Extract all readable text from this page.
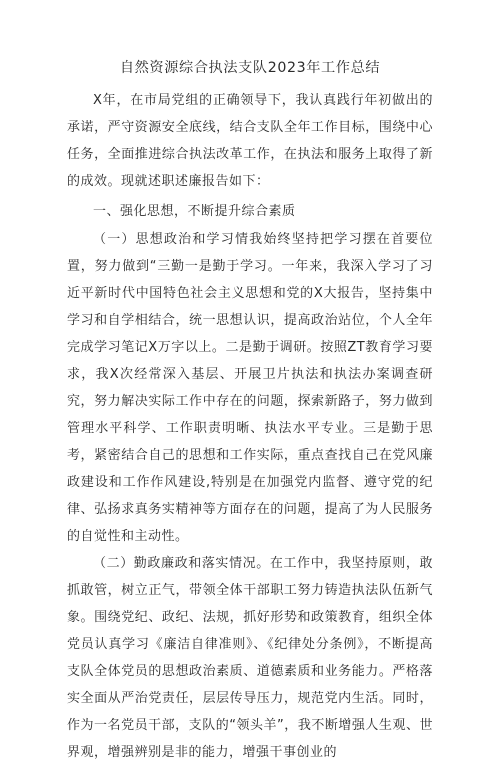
自然资源综合执法支队2023年工作总结

X年，在市局党组的正确领导下，我认真践行年初做出的承诺，严守资源安全底线，结合支队全年工作目标，围绕中心任务，全面推进综合执法改革工作，在执法和服务上取得了新的成效。现就述职述廉报告如下：

一、强化思想，不断提升综合素质

（一）思想政治和学习情我始终坚持把学习摆在首要位置，努力做到“三勤一是勤于学习。一年来，我深入学习了习近平新时代中国特色社会主义思想和党的X大报告，坚持集中学习和自学相结合，统一思想认识，提高政治站位，个人全年完成学习笔记X万字以上。二是勤于调研。按照ZT教育学习要求，我X次经常深入基层、开展卫片执法和执法办案调查研究，努力解决实际工作中存在的问题，探索新路子，努力做到管理水平科学、工作职责明晰、执法水平专业。三是勤于思考，紧密结合自己的思想和工作实际，重点查找自己在党风廉政建设和工作作风建设,特别是在加强党内监督、遵守党的纪律、弘扬求真务实精神等方面存在的问题，提高了为人民服务的自觉性和主动性。

（二）勤政廉政和落实情况。在工作中，我坚持原则，敢抓敢管，树立正气，带领全体干部职工努力铸造执法队伍新气象。围绕党纪、政纪、法规，抓好形势和政策教育，组织全体党员认真学习《廉洁自律准则》、《纪律处分条例》，不断提高支队全体党员的思想政治素质、道德素质和业务能力。严格落实全面从严治党责任，层层传导压力，规范党内生活。同时，作为一名党员干部，支队的“领头羊”，我不断增强人生观、世界观，增强辨别是非的能力，增强干事创业的
